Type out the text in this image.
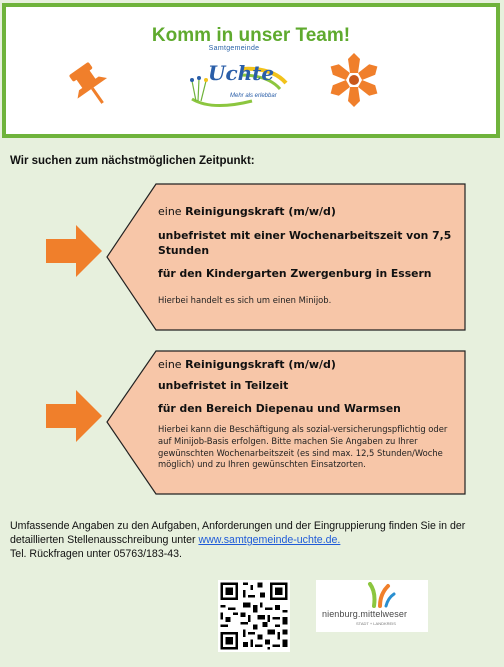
Komm in unser Team!
Samtgemeinde
Uchte
Mehr als erlebbar
Wir suchen zum nächstmöglichen Zeitpunkt:
eine Reinigungskraft (m/w/d)
unbefristet mit einer Wochenarbeitszeit von 7,5 Stunden
für den Kindergarten Zwergenburg in Essern
Hierbei handelt es sich um einen Minijob.
eine Reinigungskraft (m/w/d)
unbefristet in Teilzeit
für den Bereich Diepenau und Warmsen
Hierbei kann die Beschäftigung als sozial-versicherungspflichtig oder auf Minijob-Basis erfolgen. Bitte machen Sie Angaben zu Ihrer gewünschten Wochenarbeitszeit (es sind max. 12,5 Stunden/Woche möglich) und zu Ihren gewünschten Einsatzorten.
Umfassende Angaben zu den Aufgaben, Anforderungen und der Eingruppierung finden Sie in der detaillierten Stellenausschreibung unter www.samtgemeinde-uchte.de.
Tel. Rückfragen unter 05763/183-43.
nienburg.mittelweser
STADT + LANDKREIS
